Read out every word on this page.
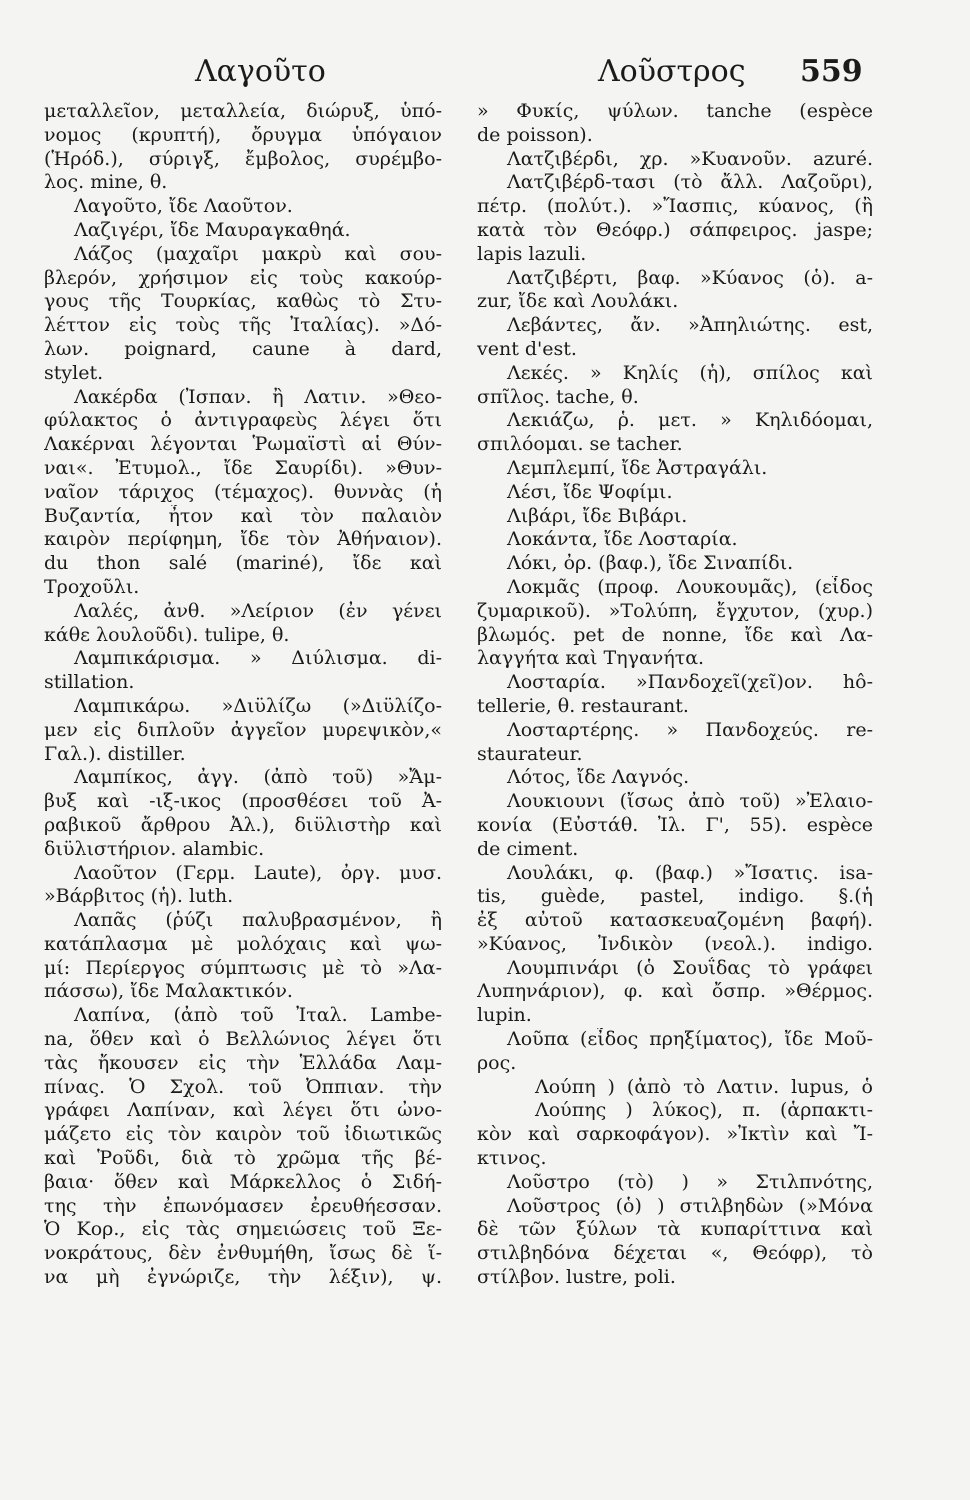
Λαγοῦτο	Λοῦστρος 559
μεταλλεῖον, μεταλλεία, διώρυξ, ὑπό-
νομος (κρυπτή), ὄρυγμα ὑπόγαιον
(Ἡρόδ.), σύριγξ, ἔμβολος, συρέμβο-
λος. mine, θ.
Λαγοῦτο, ἴδε Λαοῦτον.
Λαζιγέρι, ἴδε Μαυραγκαθηά.
Λάζος (μαχαῖρι μακρὺ καὶ σου-
βλερόν, χρήσιμον εἰς τοὺς κακούρ-
γους τῆς Τουρκίας, καθὼς τὸ Στυ-
λέττον εἰς τοὺς τῆς Ἰταλίας). »Δό-
λων. poignard, caune à dard,
stylet.
Λακέρδα (Ἰσπαν. ἢ Λατιν. »Θεο-
φύλακτος ὁ ἀντιγραφεὺς λέγει ὅτι
Λακέρναι λέγονται Ῥωμαϊστὶ αἱ Θύν-
ναι«. Ἐτυμολ., ἴδε Σαυρίδι). »Θυν-
ναῖον τάριχος (τέμαχος). θυννὰς (ἡ
Βυζαντία, ἦτον καὶ τὸν παλαιὸν
καιρὸν περίφημη, ἴδε τὸν Ἀθήναιον).
du thon salé (mariné), ἴδε καὶ
Τροχοῦλι.
Λαλές, ἀνθ. »Λείριον (ἐν γένει
κάθε λουλοῦδι). tulipe, θ.
Λαμπικάρισμα. » Διύλισμα. di-
stillation.
Λαμπικάρω. »Διϋλίζω (»Διϋλίζο-
μεν εἰς διπλοῦν ἀγγεῖον μυρεψικὸν,«
Γαλ.). distiller.
Λαμπίκος, ἀγγ. (ἀπὸ τοῦ) »Ἄμ-
βυξ καὶ -ιξ-ικος (προσθέσει τοῦ Ἀ-
ραβικοῦ ἄρθρου Ἀλ.), διϋλιστὴρ καὶ
διϋλιστήριον. alambic.
Λαοῦτον (Γερμ. Laute), ὀργ. μυσ.
»Βάρβιτος (ἡ). luth.
Λαπᾶς (ῥύζι παλυβρασμένον, ἢ
κατάπλασμα μὲ μολόχαις καὶ ψω-
μί: Περίεργος σύμπτωσις μὲ τὸ »Λα-
πάσσω), ἴδε Μαλακτικόν.
Λαπίνα, (ἀπὸ τοῦ Ἰταλ. Lambe-
na, ὅθεν καὶ ὁ Βελλώνιος λέγει ὅτι
τὰς ἤκουσεν εἰς τὴν Ἑλλάδα Λαμ-
πίνας. Ὁ Σχολ. τοῦ Ὀππιαν. τὴν
γράφει Λαπίναν, καὶ λέγει ὅτι ὠνο-
μάζετο εἰς τὸν καιρὸν τοῦ ἰδιωτικῶς
καὶ Ῥοῦδι, διὰ τὸ χρῶμα τῆς βέ-
βαια· ὅθεν καὶ Μάρκελλος ὁ Σιδή-
της τὴν ἐπωνόμασεν ἐρευθήεσσαν.
Ὁ Κορ., εἰς τὰς σημειώσεις τοῦ Ξε-
νοκράτους, δὲν ἐνθυμήθη, ἴσως δὲ ἵ-
να μὴ ἐγνώριζε, τὴν λέξιν), ψ.
» Φυκίς, ψύλων. tanche (espèce
de poisson).
Λατζιβέρδι, χρ. »Κυανοῦν. azuré.
Λατζιβέρδ-τασι (τὸ ἄλλ. Λαζοῦρι),
πέτρ. (πολύτ.). »Ἴασπις, κύανος, (ἢ
κατὰ τὸν Θεόφρ.) σάπφειρος. jaspe;
lapis lazuli.
Λατζιβέρτι, βαφ. »Κύανος (ὁ). a-
zur, ἴδε καὶ Λουλάκι.
Λεβάντες, ἄν. »Ἀπηλιώτης. est,
vent d'est.
Λεκές. » Κηλίς (ἡ), σπίλος καὶ
σπῖλος. tache, θ.
Λεκιάζω, ῥ. μετ. » Κηλιδόομαι,
σπιλόομαι. se tacher.
Λεμπλεμπί, ἴδε Ἀστραγάλι.
Λέσι, ἴδε Ψοφίμι.
Λιβάρι, ἴδε Βιβάρι.
Λοκάντα, ἴδε Λοσταρία.
Λόκι, ὀρ. (βαφ.), ἴδε Σιναπίδι.
Λοκμᾶς (προφ. Λουκουμᾶς), (εἶδος
ζυμαρικοῦ). »Τολύπη, ἔγχυτον, (χυρ.)
βλωμός. pet de nonne, ἴδε καὶ Λα-
λαγγήτα καὶ Τηγανήτα.
Λοσταρία. »Πανδοχεῖ(χεῖ)ον. hô-
tellerie, θ. restaurant.
Λοσταρτέρης. » Πανδοχεύς. re-
staurateur.
Λότος, ἴδε Λαγνός.
Λουκιουνι (ἴσως ἀπὸ τοῦ) »Ἐλαιο-
κονία (Εὐστάθ. Ἰλ. Γ', 55). espèce
de ciment.
Λουλάκι, φ. (βαφ.) »Ἴσατις. isa-
tis, guède, pastel, indigo. §.(ἡ
ἐξ αὐτοῦ κατασκευαζομένη βαφή).
»Κύανος, Ἰνδικὸν (νεολ.). indigo.
Λουμπινάρι (ὁ Σουΐδας τὸ γράφει
Λυπηνάριον), φ. καὶ ὄσπρ. »Θέρμος.
lupin.
Λοῦπα (εἶδος πρηξίματος), ἴδε Μοῦ-
ρος.
Λούπη ) (ἀπὸ τὸ Λατιν. lupus, ὁ
Λούπης ) λύκος), π. (ἁρπακτι-
κὸν καὶ σαρκοφάγον). »Ἰκτὶν καὶ Ἴ-
κτινος.
Λοῦστρο (τὸ) ) » Στιλπνότης,
Λοῦστρος (ὁ) ) στιλβηδὼν (»Μόνα
δὲ τῶν ξύλων τὰ κυπαρίττινα καὶ
στιλβηδόνα δέχεται «, Θεόφρ), τὸ
στίλβον. lustre, poli.
